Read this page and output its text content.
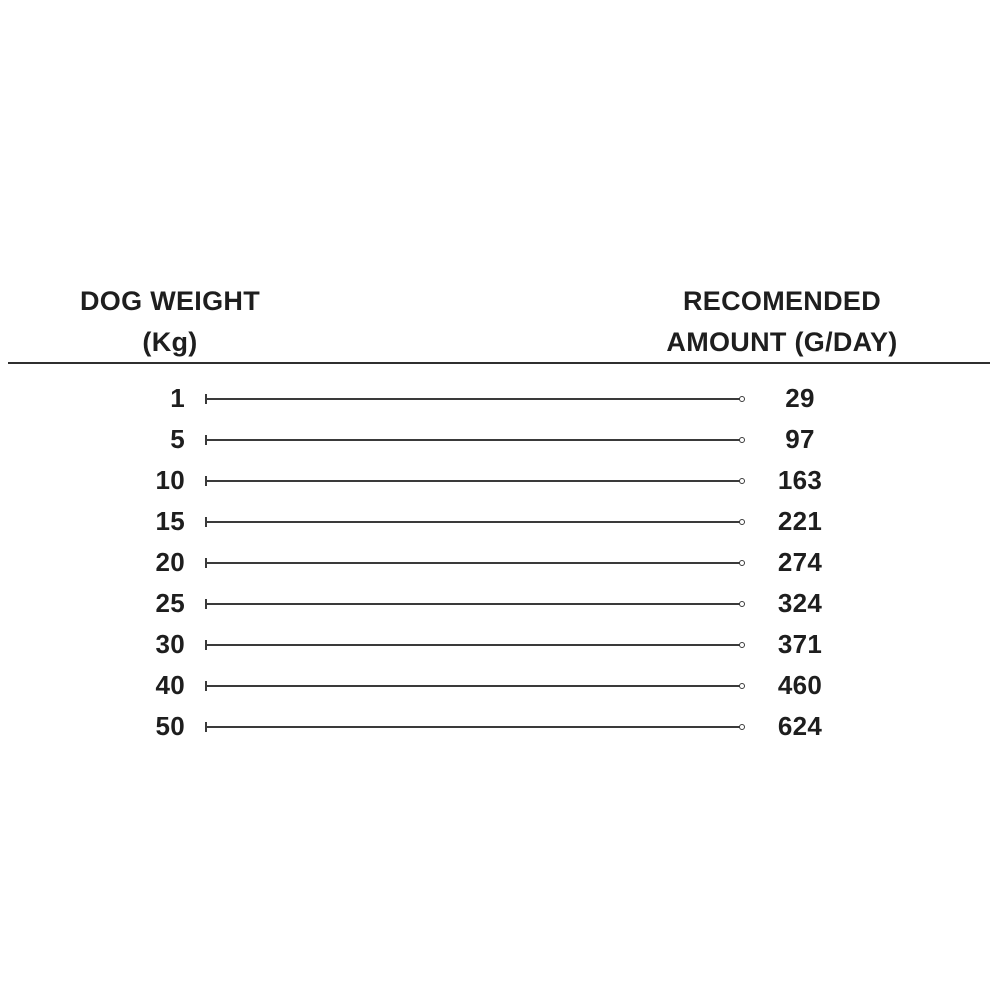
DOG WEIGHT
(Kg)
RECOMENDED
AMOUNT (G/DAY)
1	29
5	97
10	163
15	221
20	274
25	324
30	371
40	460
50	624
